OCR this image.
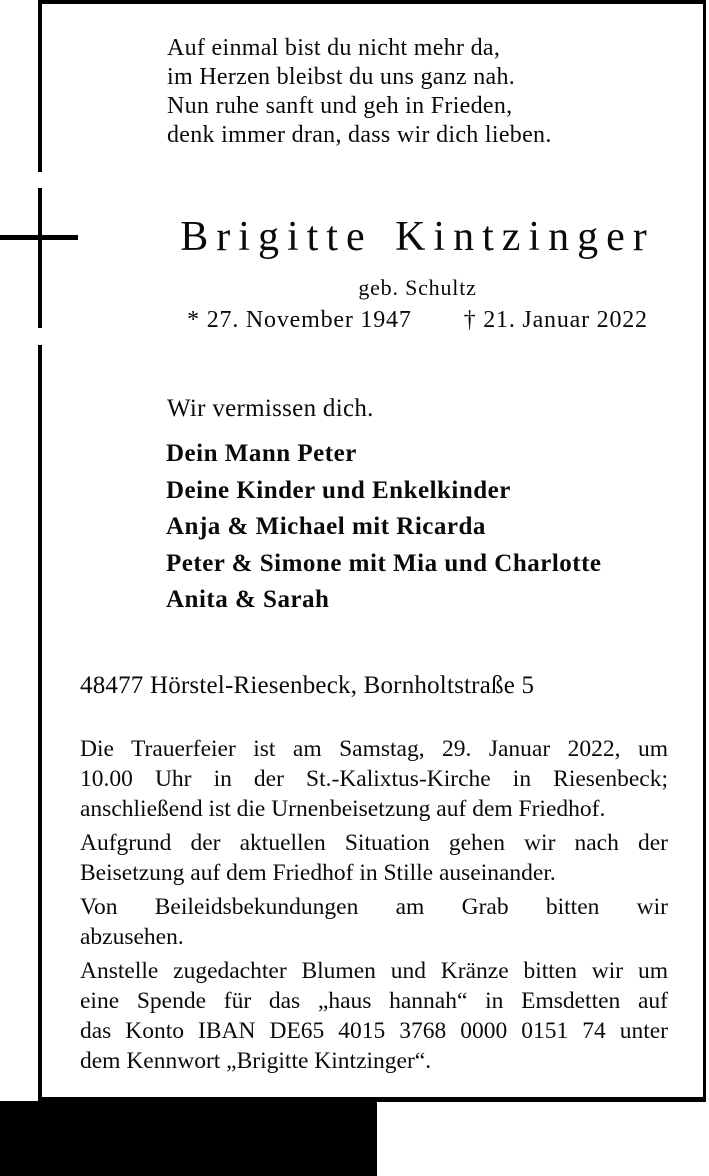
Auf einmal bist du nicht mehr da,
im Herzen bleibst du uns ganz nah.
Nun ruhe sanft und geh in Frieden,
denk immer dran, dass wir dich lieben.
Brigitte Kintzinger
geb. Schultz
* 27. November 1947 † 21. Januar 2022
Wir vermissen dich.
Dein Mann Peter
Deine Kinder und Enkelkinder
Anja & Michael mit Ricarda
Peter & Simone mit Mia und Charlotte
Anita & Sarah
48477 Hörstel-Riesenbeck, Bornholtstraße 5

Die Trauerfeier ist am Samstag, 29. Januar 2022, um
10.00 Uhr in der St.-Kalixtus-Kirche in Riesenbeck;
anschließend ist die Urnenbeisetzung auf dem Friedhof.

Aufgrund der aktuellen Situation gehen wir nach der
Beisetzung auf dem Friedhof in Stille auseinander.

Von Beileidsbekundungen am Grab bitten wir
abzusehen.

Anstelle zugedachter Blumen und Kränze bitten wir um
eine Spende für das „haus hannah“ in Emsdetten auf
das Konto IBAN DE65 4015 3768 0000 0151 74 unter
dem Kennwort „Brigitte Kintzinger“.
